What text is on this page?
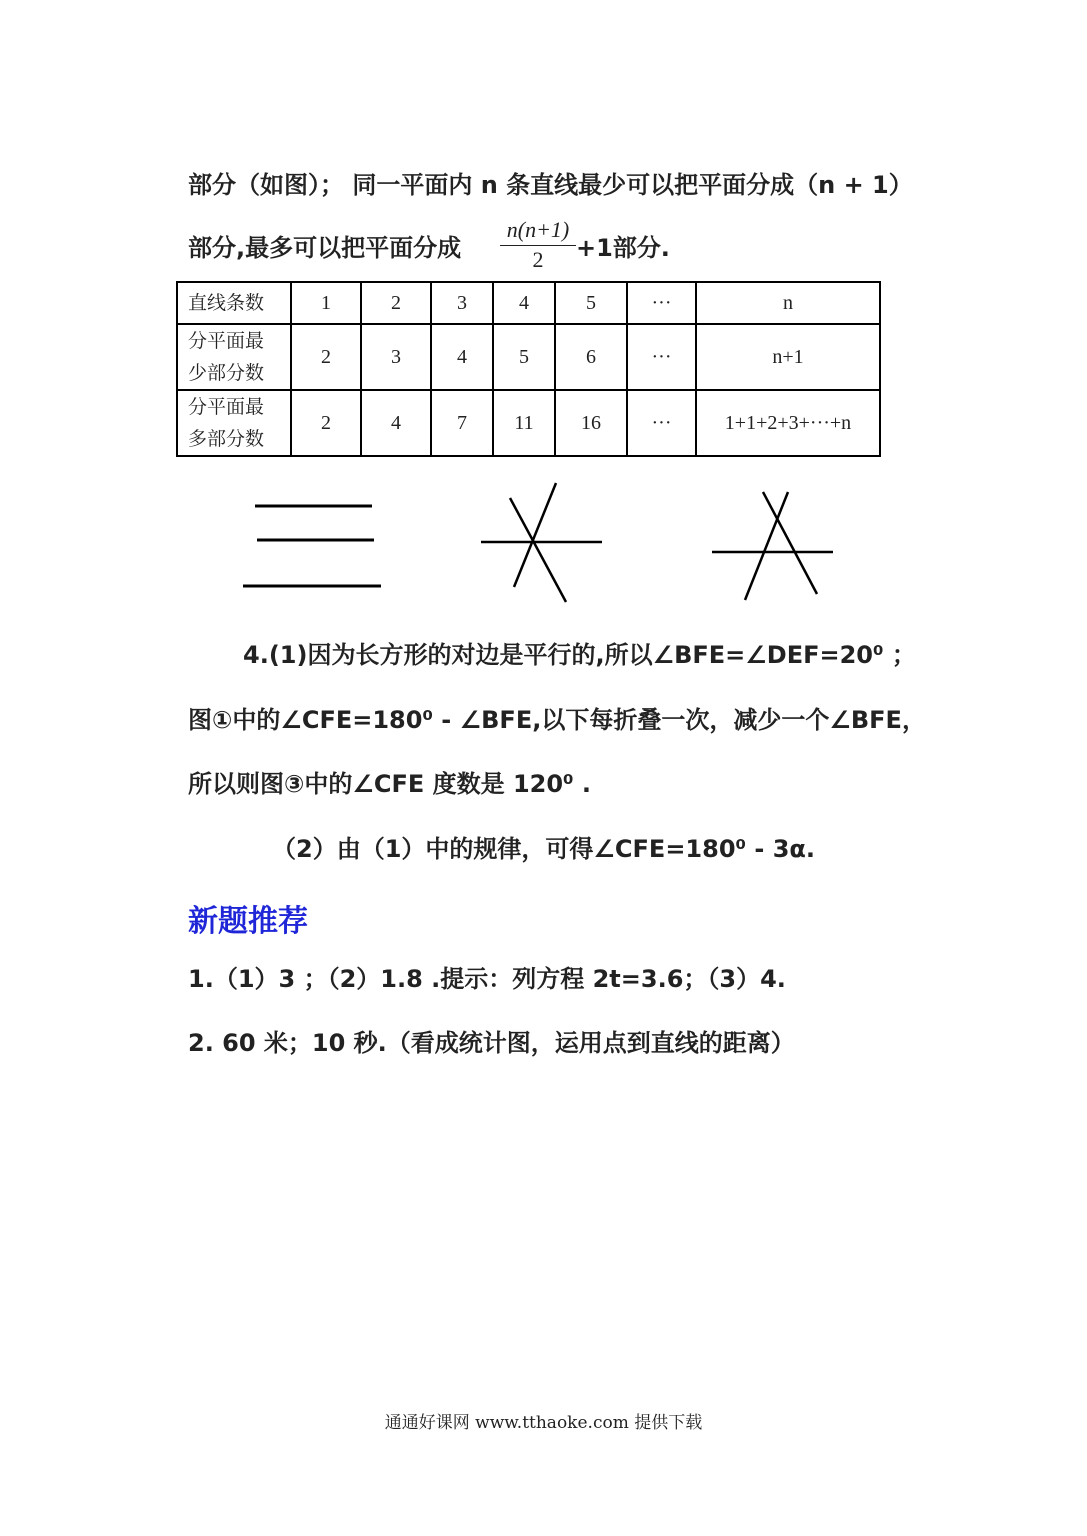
部分（如图）； 同一平面内 n 条直线最少可以把平面分成（n + 1）
部分,最多可以把平面分成
n(n+1)
2	+1部分.
直线条数	1	2	3	4	5	···	n

分平面最
少部分数	2	3	4	5	6	···	n+1

分平面最
多部分数	2	4	7	11	16	···	1+1+2+3+···+n
4.(1)因为长方形的对边是平行的,所以∠BFE=∠DEF=20⁰ ；
图①中的∠CFE=180⁰ - ∠BFE,以下每折叠一次，减少一个∠BFE，
所以则图③中的∠CFE 度数是 120⁰ .
（2）由（1）中的规律，可得∠CFE=180⁰ - 3α.
新题推荐
1.（1）3 ；（2）1.8 .提示：列方程 2t=3.6；（3）4.
2. 60 米；10 秒.（看成统计图，运用点到直线的距离）
通通好课网 www.tthaoke.com 提供下载
